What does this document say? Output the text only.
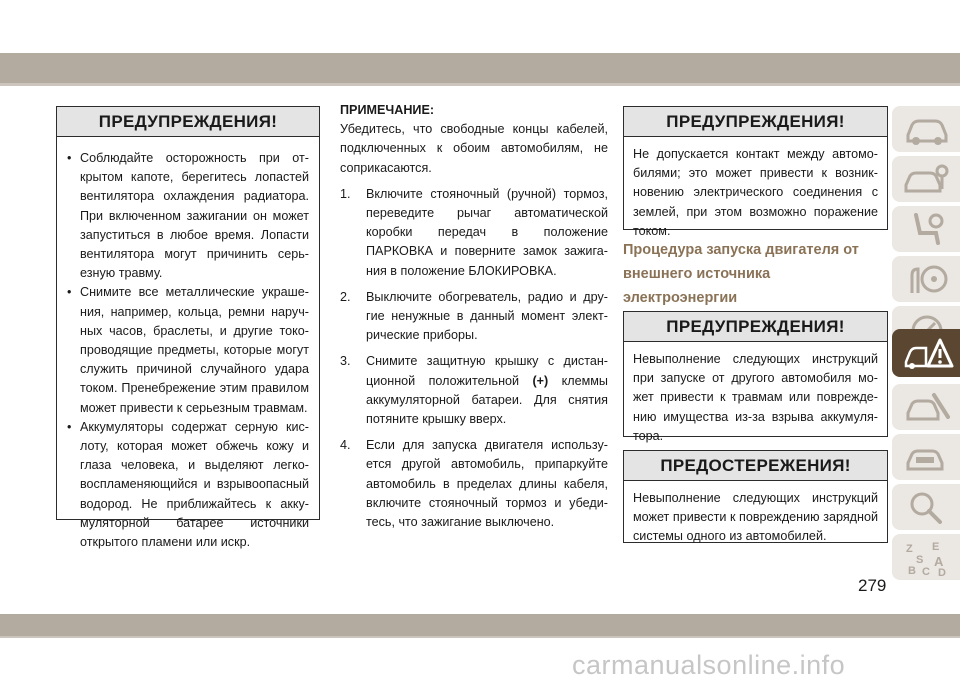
ПРЕДУПРЕЖДЕНИЯ!
• Соблюдайте осторожность при открытом капоте, берегитесь лопастей вентилятора охлаждения радиатора. При включенном зажигании он может запуститься в любое время. Лопасти вентилятора могут причинить серьезную травму.
• Снимите все металлические украшения, например, кольца, ремни наручных часов, браслеты, и другие токопроводящие предметы, которые могут служить причиной случайного удара током. Пренебрежение этим правилом может привести к серьезным травмам.
• Аккумуляторы содержат серную кислоту, которая может обжечь кожу и глаза человека, и выделяют легковоспламеняющийся и взрывоопасный водород. Не приближайтесь к аккумуляторной батарее источники открытого пламени или искр.
ПРИМЕЧАНИЕ:

Убедитесь, что свободные концы кабелей, подключенных к обоим автомобилям, не соприкасаются.

1. Включите стояночный (ручной) тормоз, переведите рычаг автоматической коробки передач в положение ПАРКОВКА и поверните замок зажигания в положение БЛОКИРОВКА.
2. Выключите обогреватель, радио и другие ненужные в данный момент электрические приборы.
3. Снимите защитную крышку с дистанционной положительной (+) клеммы аккумуляторной батареи. Для снятия потяните крышку вверх.
4. Если для запуска двигателя используется другой автомобиль, припаркуйте автомобиль в пределах длины кабеля, включите стояночный тормоз и убедитесь, что зажигание выключено.
ПРЕДУПРЕЖДЕНИЯ!

Не допускается контакт между автомобилями; это может привести к возникновению электрического соединения с землей, при этом возможно поражение током.

Процедура запуска двигателя от внешнего источника электроэнергии
ПРЕДУПРЕЖДЕНИЯ!

Невыполнение следующих инструкций при запуске от другого автомобиля может привести к травмам или повреждению имущества из-за взрыва аккумулятора.

ПРЕДОСТЕРЕЖЕНИЯ!

Невыполнение следующих инструкций может привести к повреждению зарядной системы одного из автомобилей.

Z E
S A
B C D
279
carmanualsonline.info
